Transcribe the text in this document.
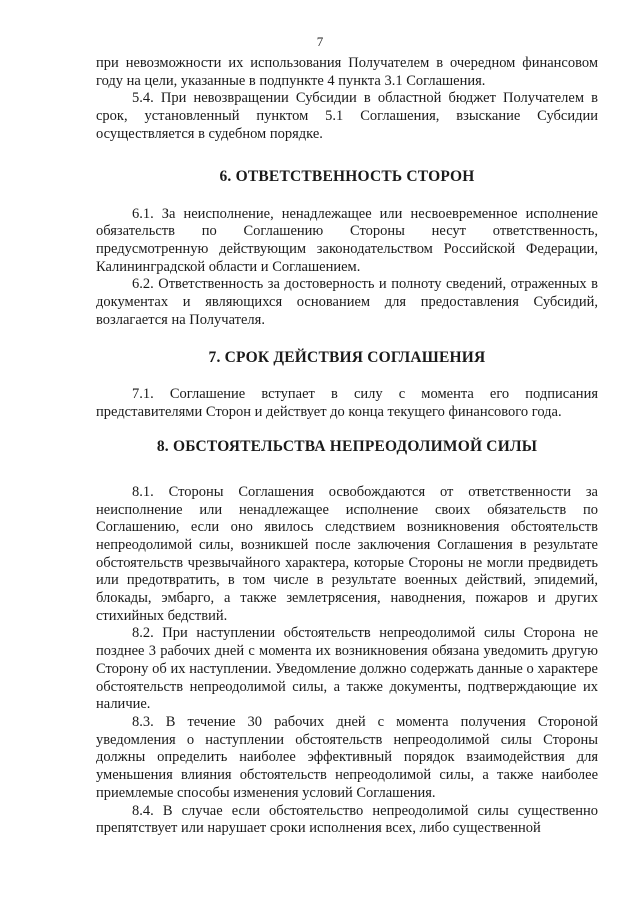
7

при невозможности их использования Получателем в очередном финансовом году на цели, указанные в подпункте 4 пункта 3.1 Соглашения.

5.4. При невозвращении Субсидии в областной бюджет Получателем в срок, установленный пунктом 5.1 Соглашения, взыскание Субсидии осуществляется в судебном порядке.

6. ОТВЕТСТВЕННОСТЬ СТОРОН

6.1. За неисполнение, ненадлежащее или несвоевременное исполнение обязательств по Соглашению Стороны несут ответственность, предусмотренную действующим законодательством Российской Федерации, Калининградской области и Соглашением.

6.2. Ответственность за достоверность и полноту сведений, отраженных в документах и являющихся основанием для предоставления Субсидий, возлагается на Получателя.

7. СРОК ДЕЙСТВИЯ СОГЛАШЕНИЯ

7.1. Соглашение вступает в силу с момента его подписания представителями Сторон и действует до конца текущего финансового года.

8. ОБСТОЯТЕЛЬСТВА НЕПРЕОДОЛИМОЙ СИЛЫ

8.1. Стороны Соглашения освобождаются от ответственности за неисполнение или ненадлежащее исполнение своих обязательств по Соглашению, если оно явилось следствием возникновения обстоятельств непреодолимой силы, возникшей после заключения Соглашения в результате обстоятельств чрезвычайного характера, которые Стороны не могли предвидеть или предотвратить, в том числе в результате военных действий, эпидемий, блокады, эмбарго, а также землетрясения, наводнения, пожаров и других стихийных бедствий.

8.2. При наступлении обстоятельств непреодолимой силы Сторона не позднее 3 рабочих дней с момента их возникновения обязана уведомить другую Сторону об их наступлении. Уведомление должно содержать данные о характере обстоятельств непреодолимой силы, а также документы, подтверждающие их наличие.

8.3. В течение 30 рабочих дней с момента получения Стороной уведомления о наступлении обстоятельств непреодолимой силы Стороны должны определить наиболее эффективный порядок взаимодействия для уменьшения влияния обстоятельств непреодолимой силы, а также наиболее приемлемые способы изменения условий Соглашения.

8.4. В случае если обстоятельство непреодолимой силы существенно препятствует или нарушает сроки исполнения всех, либо существенной
